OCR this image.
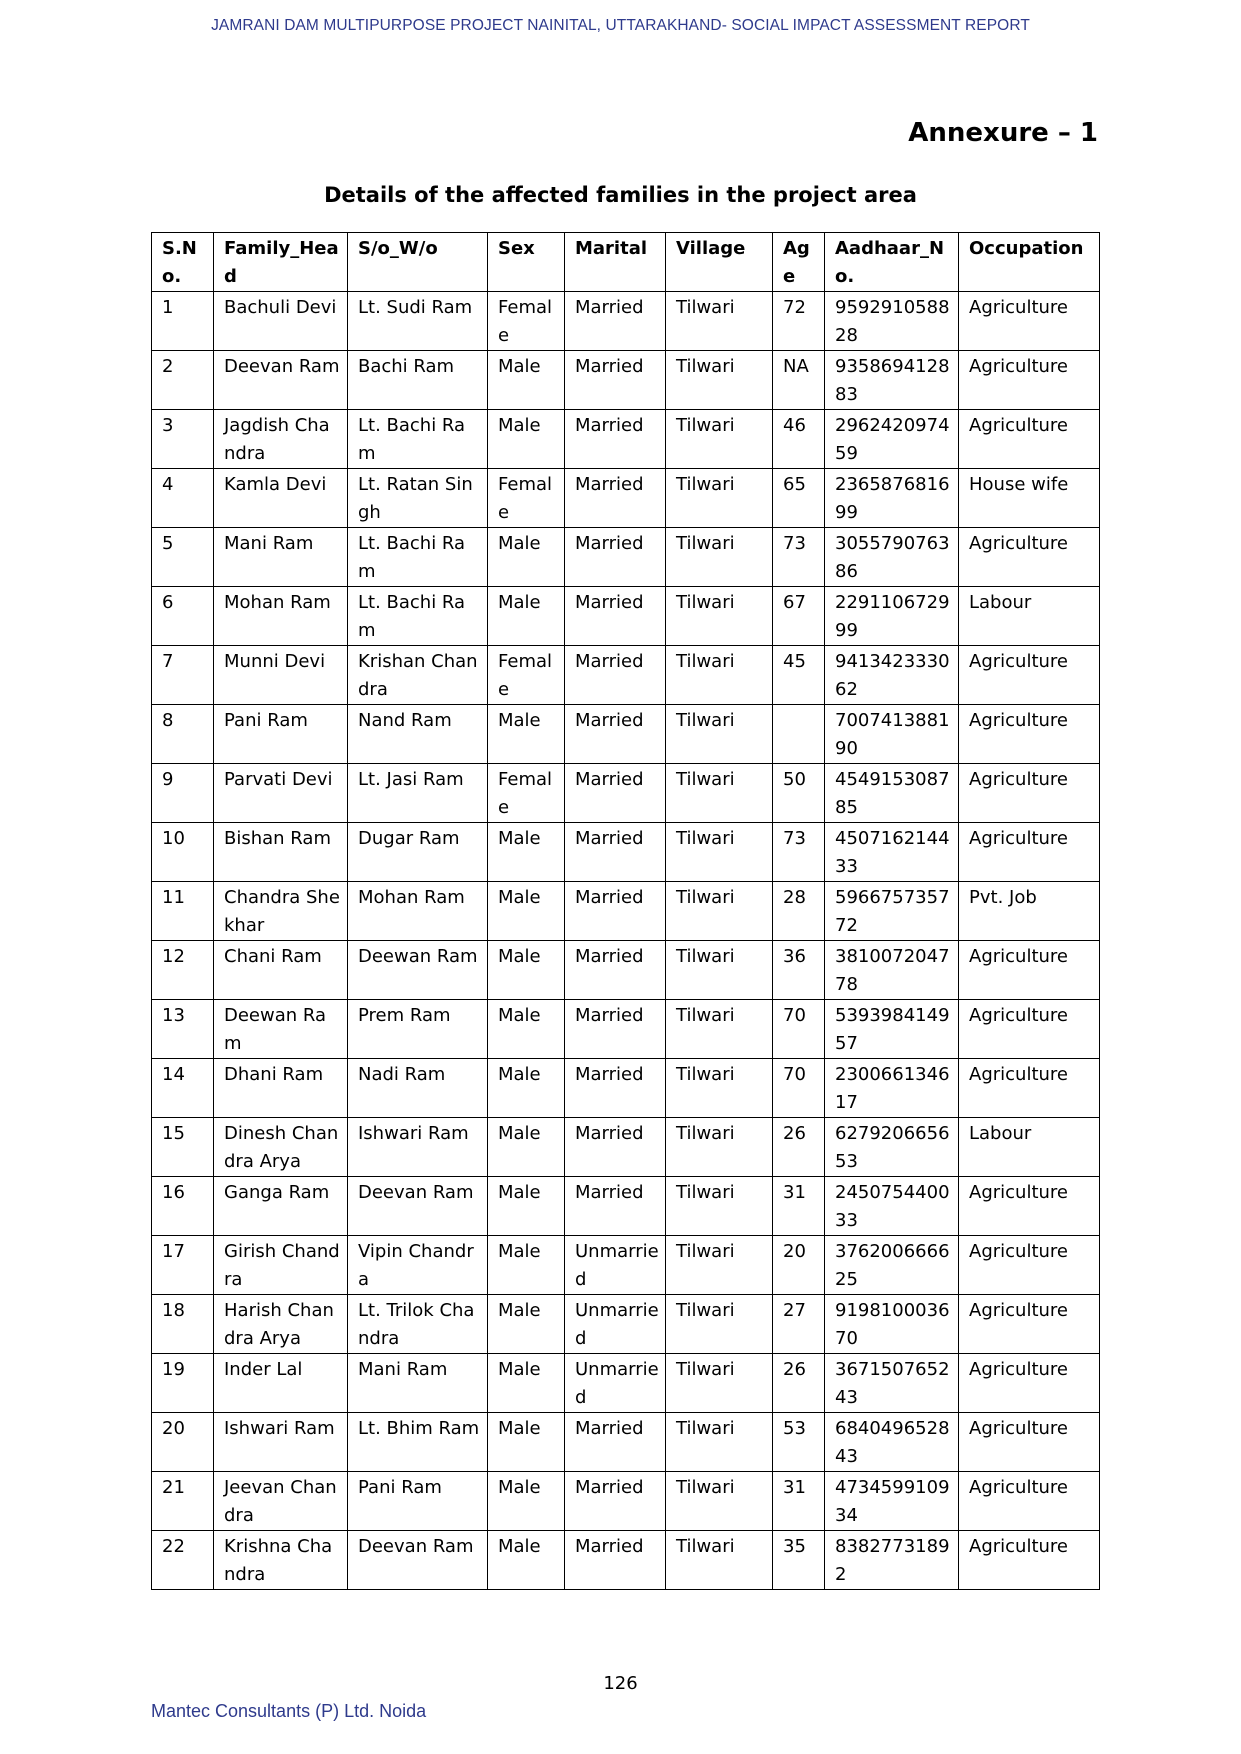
JAMRANI DAM MULTIPURPOSE PROJECT NAINITAL, UTTARAKHAND- SOCIAL IMPACT ASSESSMENT REPORT
Annexure – 1
Details of the affected families in the project area
S.No.	Family_Head	S/o_W/o	Sex	Marital	Village	Age	Aadhaar_No.	Occupation
1	Bachuli Devi	Lt. Sudi Ram	Female	Married	Tilwari	72	959291058828	Agriculture
2	Deevan Ram	Bachi Ram	Male	Married	Tilwari	NA	935869412883	Agriculture
3	Jagdish Chandra	Lt. Bachi Ram	Male	Married	Tilwari	46	296242097459	Agriculture
4	Kamla Devi	Lt. Ratan Singh	Female	Married	Tilwari	65	236587681699	House wife
5	Mani Ram	Lt. Bachi Ram	Male	Married	Tilwari	73	305579076386	Agriculture
6	Mohan Ram	Lt. Bachi Ram	Male	Married	Tilwari	67	229110672999	Labour
7	Munni Devi	Krishan Chandra	Female	Married	Tilwari	45	941342333062	Agriculture
8	Pani Ram	Nand Ram	Male	Married	Tilwari		700741388190	Agriculture
9	Parvati Devi	Lt. Jasi Ram	Female	Married	Tilwari	50	454915308785	Agriculture
10	Bishan Ram	Dugar Ram	Male	Married	Tilwari	73	450716214433	Agriculture
11	Chandra Shekhar	Mohan Ram	Male	Married	Tilwari	28	596675735772	Pvt. Job
12	Chani Ram	Deewan Ram	Male	Married	Tilwari	36	381007204778	Agriculture
13	Deewan Ram	Prem Ram	Male	Married	Tilwari	70	539398414957	Agriculture
14	Dhani Ram	Nadi Ram	Male	Married	Tilwari	70	230066134617	Agriculture
15	Dinesh Chandra Arya	Ishwari Ram	Male	Married	Tilwari	26	627920665653	Labour
16	Ganga Ram	Deevan Ram	Male	Married	Tilwari	31	245075440033	Agriculture
17	Girish Chandra	Vipin Chandra	Male	Unmarried	Tilwari	20	376200666625	Agriculture
18	Harish Chandra Arya	Lt. Trilok Chandra	Male	Unmarried	Tilwari	27	919810003670	Agriculture
19	Inder Lal	Mani Ram	Male	Unmarried	Tilwari	26	367150765243	Agriculture
20	Ishwari Ram	Lt. Bhim Ram	Male	Married	Tilwari	53	684049652843	Agriculture
21	Jeevan Chandra	Pani Ram	Male	Married	Tilwari	31	473459910934	Agriculture
22	Krishna Chandra	Deevan Ram	Male	Married	Tilwari	35	83827731892	Agriculture
126
Mantec Consultants (P) Ltd. Noida
